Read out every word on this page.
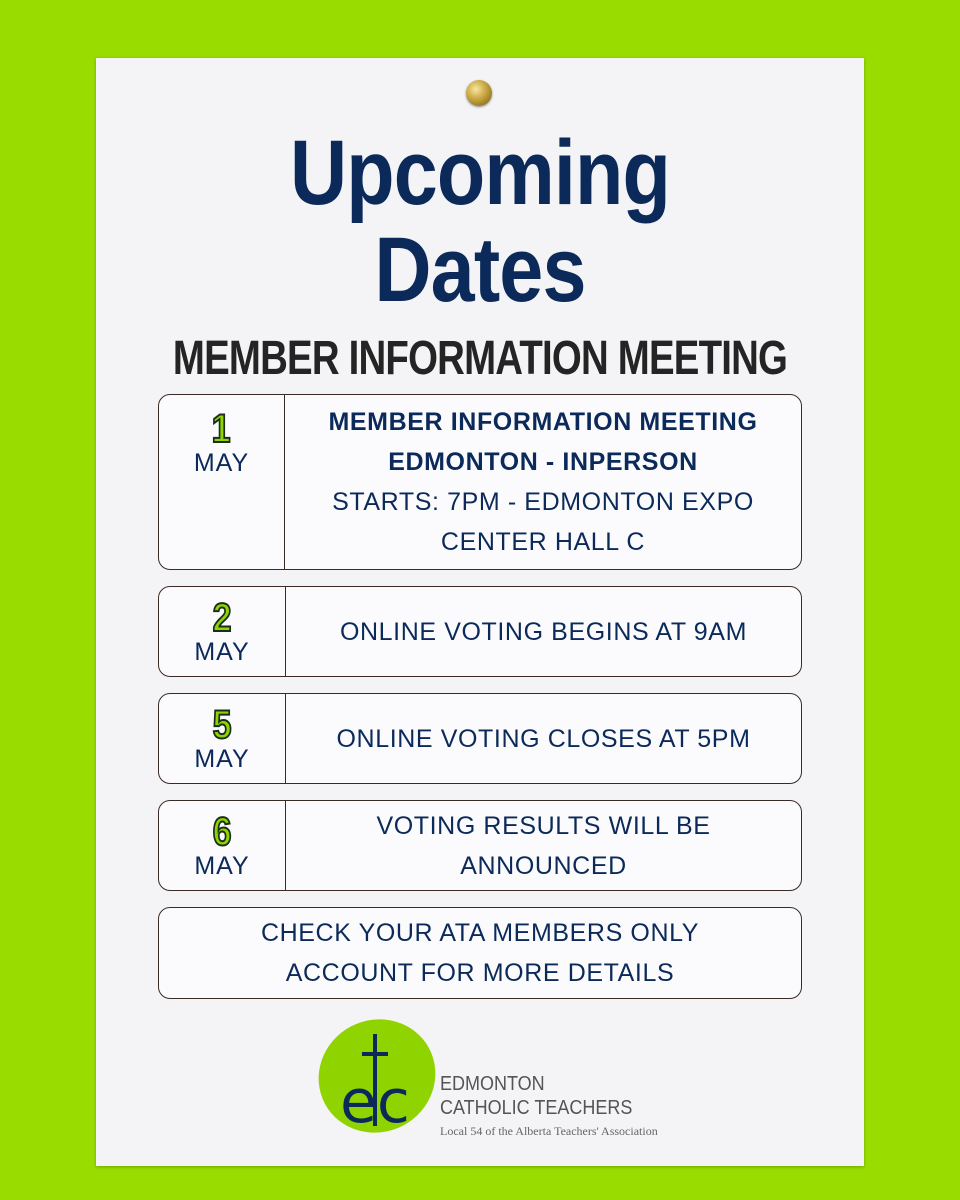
Upcoming
Dates
MEMBER INFORMATION MEETING
1
MAY
MEMBER INFORMATION MEETING
EDMONTON - INPERSON
STARTS: 7PM - EDMONTON EXPO
CENTER HALL C
2
MAY
ONLINE VOTING BEGINS AT 9AM
5
MAY
ONLINE VOTING CLOSES AT 5PM
6
MAY
VOTING RESULTS WILL BE
ANNOUNCED
CHECK YOUR ATA MEMBERS ONLY
ACCOUNT FOR MORE DETAILS
ec EDMONTON
CATHOLIC TEACHERS
Local 54 of the Alberta Teachers' Association
